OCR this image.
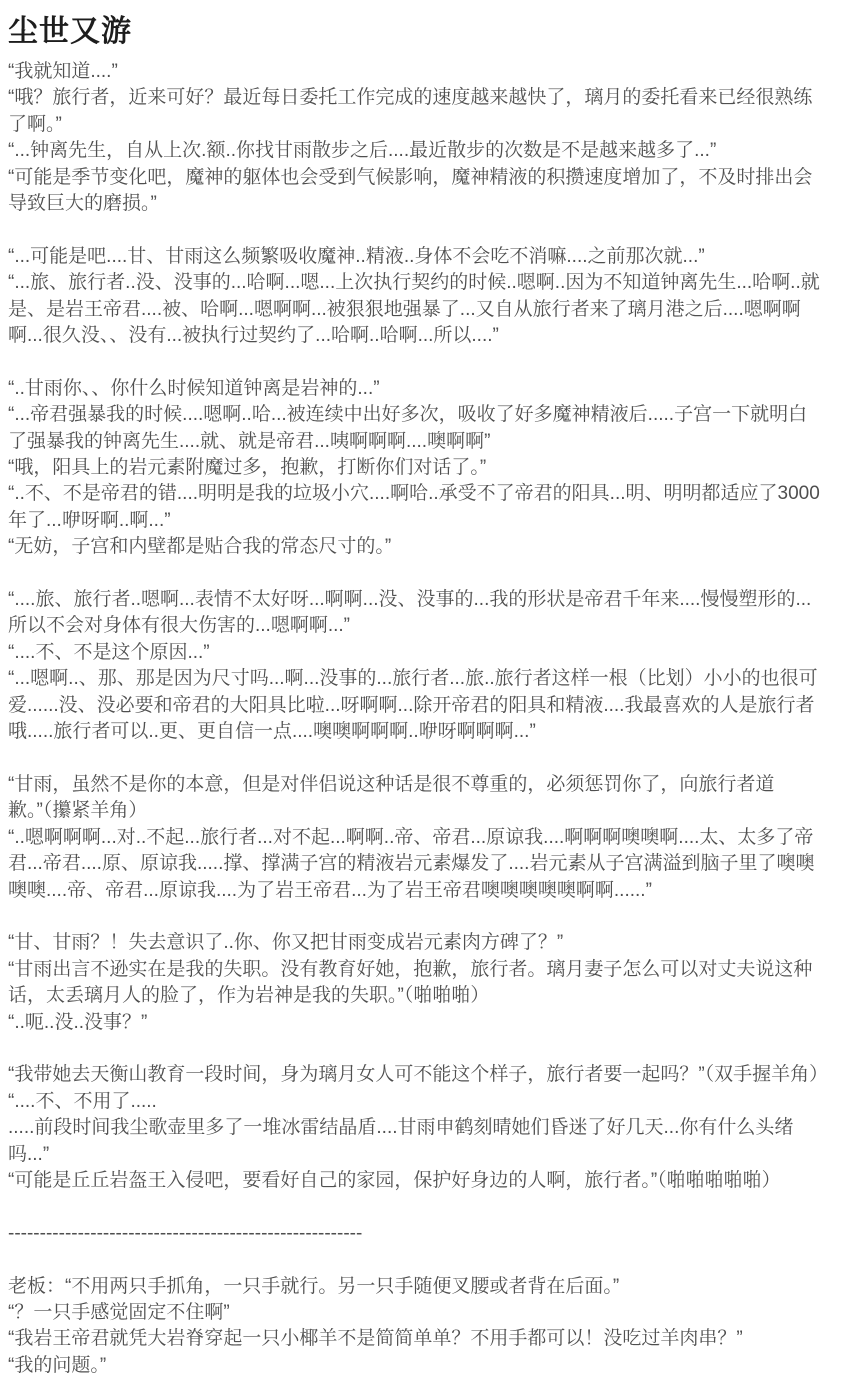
尘世又游

“我就知道....”

“哦？旅行者，近来可好？最近每日委托工作完成的速度越来越快了，璃月的委托看来已经很熟练了啊。”

“...钟离先生，自从上次.额..你找甘雨散步之后....最近散步的次数是不是越来越多了...”

“可能是季节变化吧，魔神的躯体也会受到气候影响，魔神精液的积攒速度增加了，不及时排出会导致巨大的磨损。”

“...可能是吧....甘、甘雨这么频繁吸收魔神..精液..身体不会吃不消嘛....之前那次就...”

“...旅、旅行者..没、没事的...哈啊...嗯...上次执行契约的时候..嗯啊..因为不知道钟离先生...哈啊..就是、是岩王帝君....被、哈啊...嗯啊啊...被狠狠地强暴了...又自从旅行者来了璃月港之后....嗯啊啊啊...很久没、、没有...被执行过契约了...哈啊..哈啊...所以....”

“..甘雨你、、你什么时候知道钟离是岩神的...”

“...帝君强暴我的时候....嗯啊..哈...被连续中出好多次，吸收了好多魔神精液后.....子宫一下就明白了强暴我的钟离先生....就、就是帝君...咦啊啊啊....噢啊啊”

“哦，阳具上的岩元素附魔过多，抱歉，打断你们对话了。”

“..不、不是帝君的错....明明是我的垃圾小穴....啊哈..承受不了帝君的阳具...明、明明都适应了3000年了...咿呀啊..啊...”

“无妨，子宫和内壁都是贴合我的常态尺寸的。”

“....旅、旅行者..嗯啊...表情不太好呀...啊啊...没、没事的...我的形状是帝君千年来....慢慢塑形的...所以不会对身体有很大伤害的...嗯啊啊...”

“....不、不是这个原因...”

“...嗯啊..、那、那是因为尺寸吗...啊...没事的...旅行者...旅..旅行者这样一根（比划）小小的也很可爱......没、没必要和帝君的大阳具比啦...呀啊啊...除开帝君的阳具和精液....我最喜欢的人是旅行者哦.....旅行者可以..更、更自信一点....噢噢啊啊啊..咿呀啊啊啊...”

“甘雨，虽然不是你的本意，但是对伴侣说这种话是很不尊重的，必须惩罚你了，向旅行者道歉。”（攥紧羊角）

“..嗯啊啊啊...对..不起...旅行者...对不起...啊啊..帝、帝君...原谅我....啊啊啊噢噢啊....太、太多了帝君...帝君....原、原谅我.....撑、撑满子宫的精液岩元素爆发了....岩元素从子宫满溢到脑子里了噢噢噢噢....帝、帝君...原谅我....为了岩王帝君...为了岩王帝君噢噢噢噢噢啊啊......”

“甘、甘雨？！失去意识了..你、你又把甘雨变成岩元素肉方碑了？”

“甘雨出言不逊实在是我的失职。没有教育好她，抱歉，旅行者。璃月妻子怎么可以对丈夫说这种话，太丢璃月人的脸了，作为岩神是我的失职。”（啪啪啪）

“..呃..没..没事？”

“我带她去天衡山教育一段时间，身为璃月女人可不能这个样子，旅行者要一起吗？”（双手握羊角）

“....不、不用了.....

.....前段时间我尘歌壶里多了一堆冰雷结晶盾....甘雨申鹤刻晴她们昏迷了好几天...你有什么头绪吗...”

“可能是丘丘岩盔王入侵吧，要看好自己的家园，保护好身边的人啊，旅行者。”（啪啪啪啪啪）

--------------------------------------------------------

老板：“不用两只手抓角，一只手就行。另一只手随便叉腰或者背在后面。”

“？一只手感觉固定不住啊”

“我岩王帝君就凭大岩脊穿起一只小椰羊不是简简单单？不用手都可以！没吃过羊肉串？”

“我的问题。”
